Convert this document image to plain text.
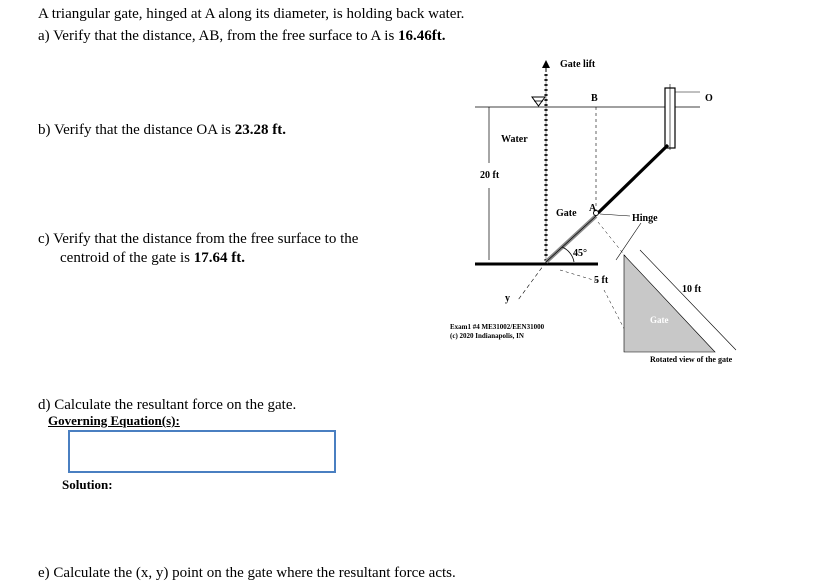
A triangular gate, hinged at A along its diameter, is holding back water.
a) Verify that the distance, AB, from the free surface to A is 16.46ft.
b) Verify that the distance OA is 23.28 ft.
c) Verify that the distance from the free surface to the
centroid of the gate is 17.64 ft.
d) Calculate the resultant force on the gate.
Governing Equation(s):
Solution:
e) Calculate the (x, y) point on the gate where the resultant force acts.
Gate lift
B	O
Water
20 ft
Gate A
Hinge
45°
5 ft
10 ft
Gate
Rotated view of the gate
y
Exam1 #4 ME31002/EEN31000
(c) 2020 Indianapolis, IN
